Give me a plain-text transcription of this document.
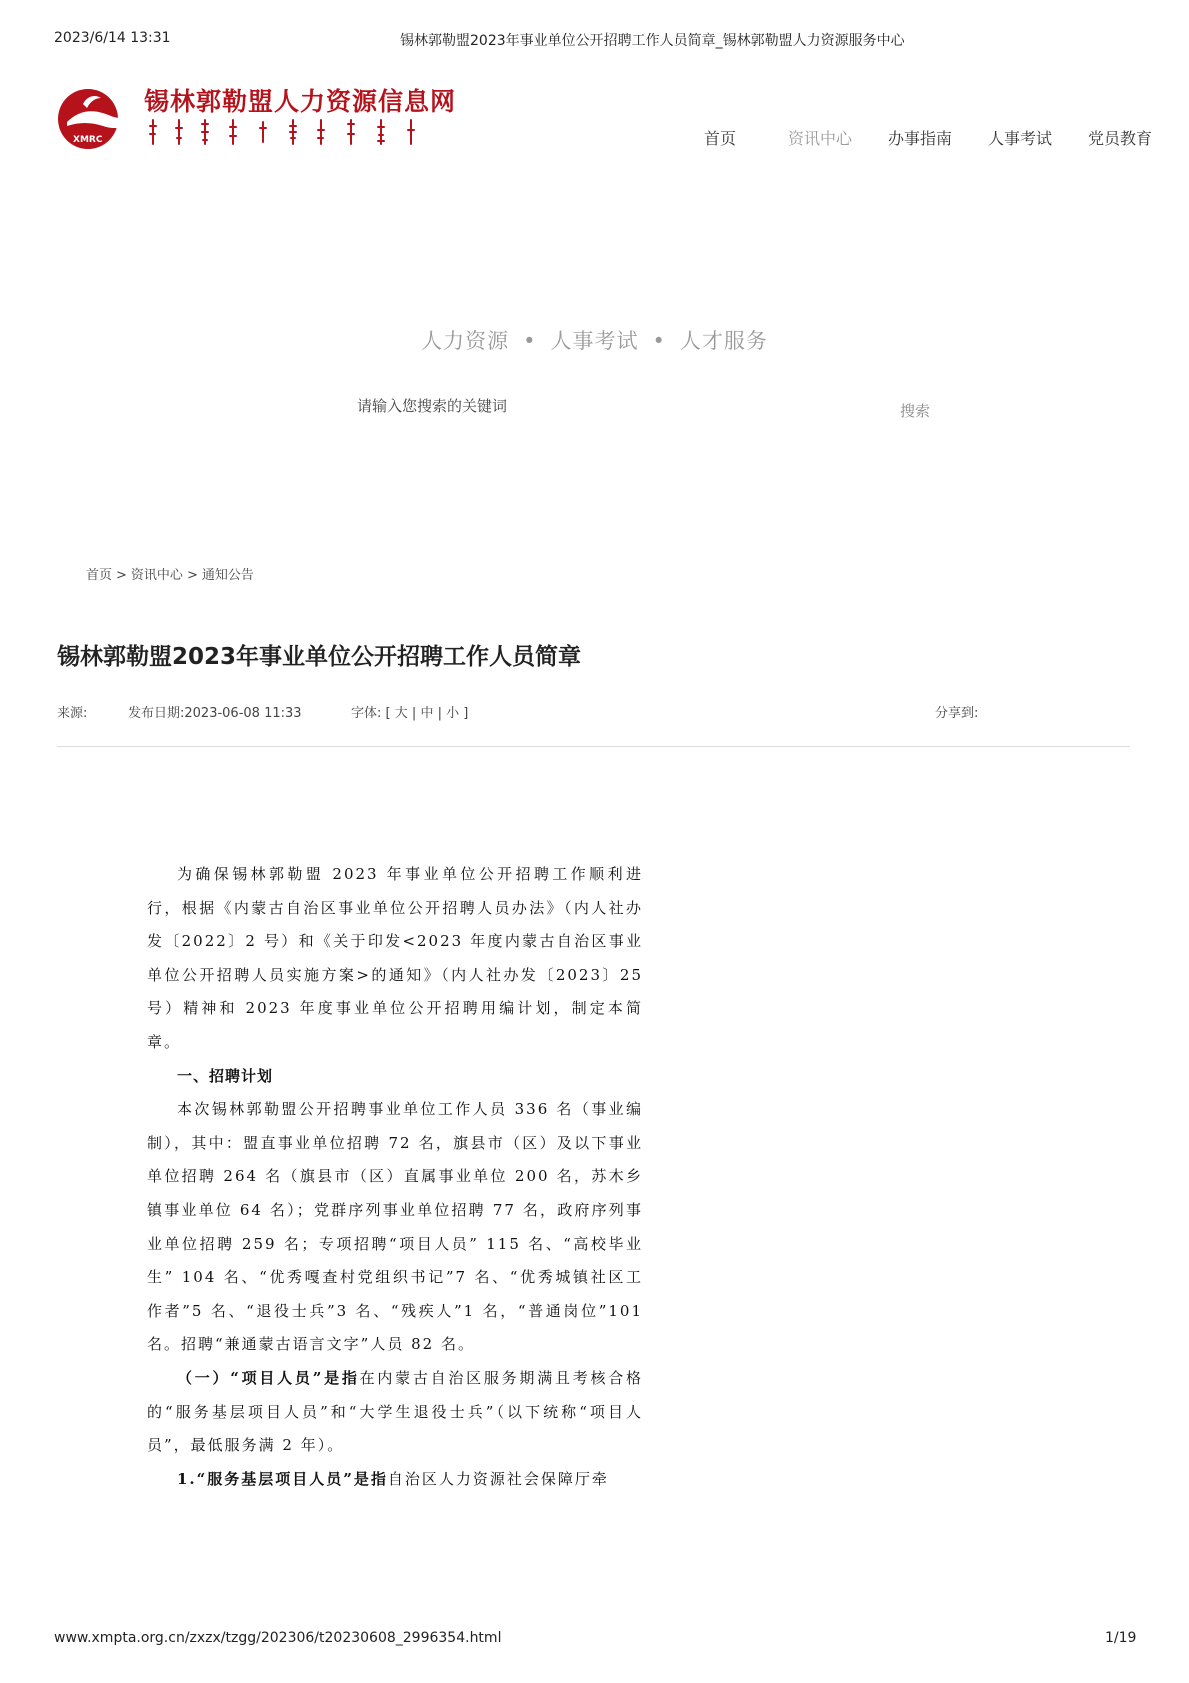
2023/6/14 13:31	锡林郭勒盟2023年事业单位公开招聘工作人员简章_锡林郭勒盟人力资源服务中心
XMRC
锡林郭勒盟人力资源信息网
首页	资讯中心	办事指南	人事考试	党员教育
人力资源 • 人事考试 • 人才服务
请输入您搜索的关键词
搜索
首页 > 资讯中心 > 通知公告
锡林郭勒盟2023年事业单位公开招聘工作人员简章
来源:	发布日期:2023-06-08 11:33	字体: [ 大 | 中 | 小 ]	分享到:

为确保锡林郭勒盟 2023 年事业单位公开招聘工作顺利进行，根据《内蒙古自治区事业单位公开招聘人员办法》（内人社办发〔2022〕2 号）和《关于印发<2023 年度内蒙古自治区事业单位公开招聘人员实施方案>的通知》（内人社办发〔2023〕25 号）精神和 2023 年度事业单位公开招聘用编计划，制定本简章。

一、招聘计划

本次锡林郭勒盟公开招聘事业单位工作人员 336 名（事业编制），其中：盟直事业单位招聘 72 名，旗县市（区）及以下事业单位招聘 264 名（旗县市（区）直属事业单位 200 名，苏木乡镇事业单位 64 名）；党群序列事业单位招聘 77 名，政府序列事业单位招聘 259 名；专项招聘“项目人员” 115 名、“高校毕业生” 104 名、“优秀嘎查村党组织书记”7 名、“优秀城镇社区工作者”5 名、“退役士兵”3 名、“残疾人”1 名，“普通岗位”101 名。招聘“兼通蒙古语言文字”人员 82 名。

（一）“项目人员”是指在内蒙古自治区服务期满且考核合格的“服务基层项目人员”和“大学生退役士兵”（以下统称“项目人员”，最低服务满 2 年）。

1.“服务基层项目人员”是指自治区人力资源社会保障厅牵

www.xmpta.org.cn/zxzx/tzgg/202306/t20230608_2996354.html	1/19
